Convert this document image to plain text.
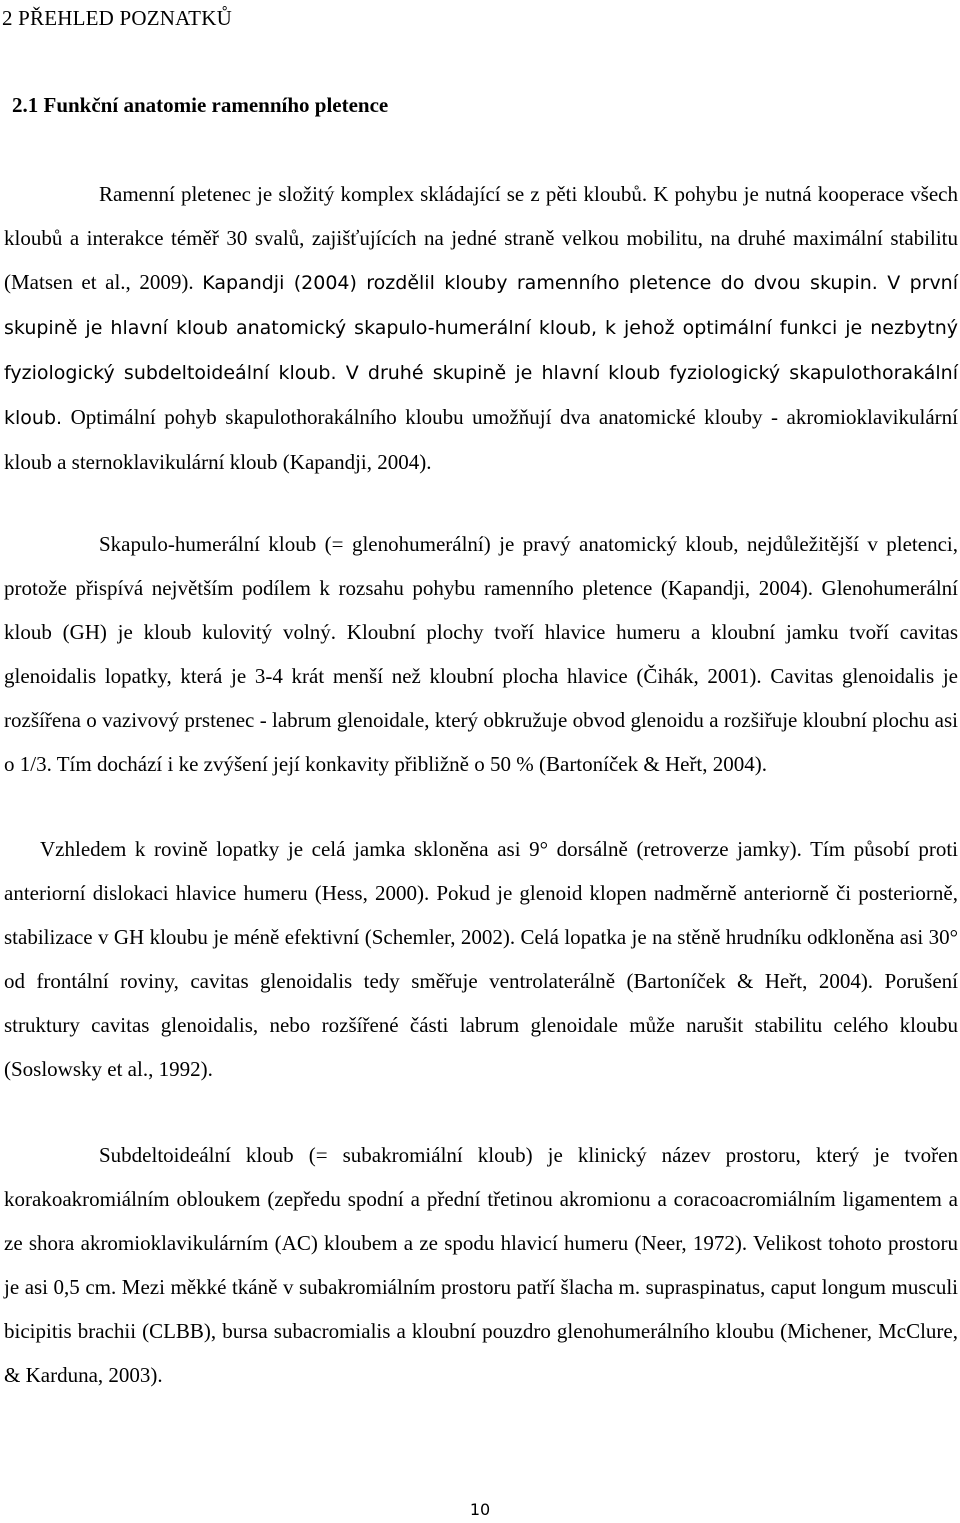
2 PŘEHLED POZNATKŮ
2.1 Funkční anatomie ramenního pletence

Ramenní pletenec je složitý komplex skládající se z pěti kloubů. K pohybu je nutná kooperace všech kloubů a interakce téměř 30 svalů, zajišťujících na jedné straně velkou mobilitu, na druhé maximální stabilitu (Matsen et al., 2009). Kapandji (2004) rozdělil klouby ramenního pletence do dvou skupin. V první skupině je hlavní kloub anatomický skapulo-humerální kloub, k jehož optimální funkci je nezbytný fyziologický subdeltoideální kloub. V druhé skupině je hlavní kloub fyziologický skapulothorakální kloub. Optimální pohyb skapulothorakálního kloubu umožňují dva anatomické klouby - akromioklavikulární kloub a sternoklavikulární kloub (Kapandji, 2004).

Skapulo-humerální kloub (= glenohumerální) je pravý anatomický kloub, nejdůležitější v pletenci, protože přispívá největším podílem k rozsahu pohybu ramenního pletence (Kapandji, 2004). Glenohumerální kloub (GH) je kloub kulovitý volný. Kloubní plochy tvoří hlavice humeru a kloubní jamku tvoří cavitas glenoidalis lopatky, která je 3-4 krát menší než kloubní plocha hlavice (Čihák, 2001). Cavitas glenoidalis je rozšířena o vazivový prstenec - labrum glenoidale, který obkružuje obvod glenoidu a rozšiřuje kloubní plochu asi o 1/3. Tím dochází i ke zvýšení její konkavity přibližně o 50 % (Bartoníček & Heřt, 2004).

Vzhledem k rovině lopatky je celá jamka skloněna asi 9° dorsálně (retroverze jamky). Tím působí proti anteriorní dislokaci hlavice humeru (Hess, 2000). Pokud je glenoid klopen nadměrně anteriorně či posteriorně, stabilizace v GH kloubu je méně efektivní (Schemler, 2002). Celá lopatka je na stěně hrudníku odkloněna asi 30° od frontální roviny, cavitas glenoidalis tedy směřuje ventrolaterálně (Bartoníček & Heřt, 2004). Porušení struktury cavitas glenoidalis, nebo rozšířené části labrum glenoidale může narušit stabilitu celého kloubu (Soslowsky et al., 1992).

Subdeltoideální kloub (= subakromiální kloub) je klinický název prostoru, který je tvořen korakoakromiálním obloukem (zepředu spodní a přední třetinou akromionu a coracoacromiálním ligamentem a ze shora akromioklavikulárním (AC) kloubem a ze spodu hlavicí humeru (Neer, 1972). Velikost tohoto prostoru je asi 0,5 cm. Mezi měkké tkáně v subakromiálním prostoru patří šlacha m. supraspinatus, caput longum musculi bicipitis brachii (CLBB), bursa subacromialis a kloubní pouzdro glenohumerálního kloubu (Michener, McClure, & Karduna, 2003).

10
